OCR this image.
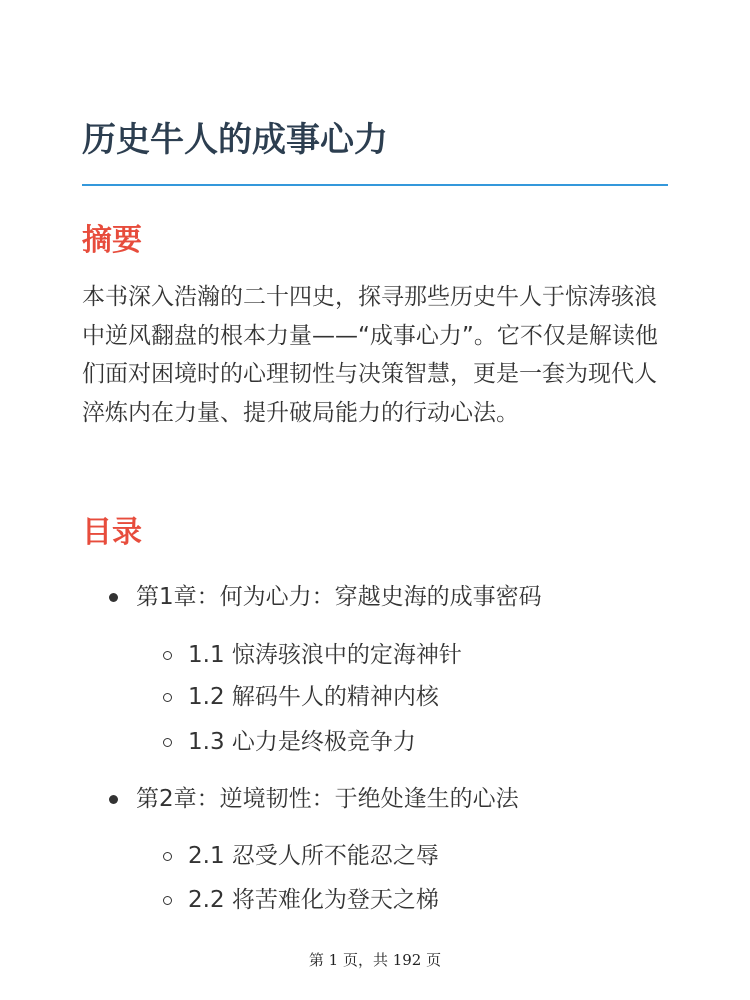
历史牛人的成事心力
摘要

本书深入浩瀚的二十四史，探寻那些历史牛人于惊涛骇浪中逆风翻盘的根本力量——“成事心力”。它不仅是解读他们面对困境时的心理韧性与决策智慧，更是一套为现代人淬炼内在力量、提升破局能力的行动心法。

目录
第1章：何为心力：穿越史海的成事密码
1.1 惊涛骇浪中的定海神针
1.2 解码牛人的精神内核
1.3 心力是终极竞争力
第2章：逆境韧性：于绝处逢生的心法
2.1 忍受人所不能忍之辱
2.2 将苦难化为登天之梯
第 1 页，共 192 页
